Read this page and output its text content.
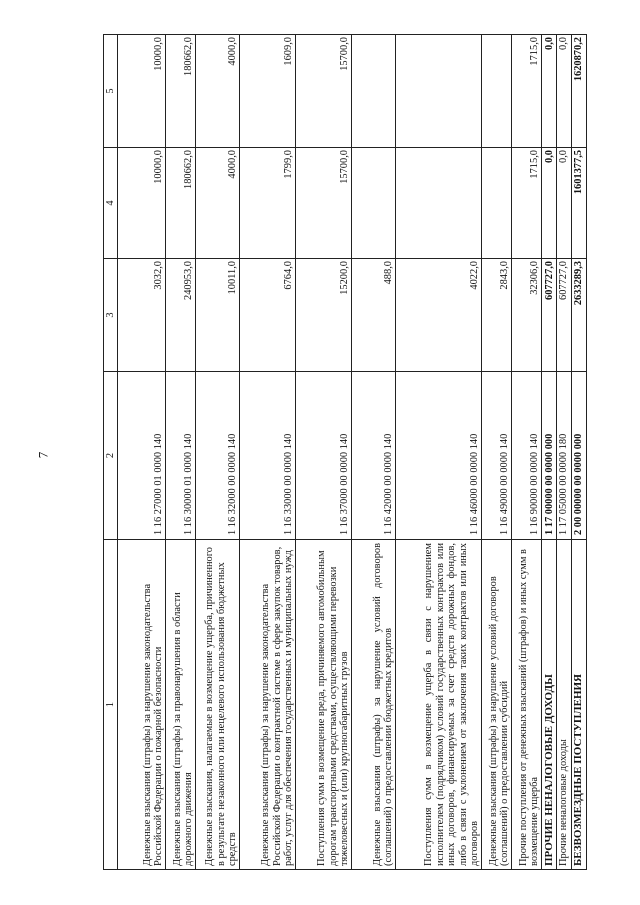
7
1	2	3	4	5
Денежные взыскания (штрафы) за нарушение законодательства Российской Федерации о пожарной безопасности	1 16 27000 01 0000 140	3032,0	10000,0	10000,0
Денежные взыскания (штрафы) за правонарушения в области дорожного движения	1 16 30000 01 0000 140	240953,0	180662,0	180662,0
Денежные взыскания, налагаемые в возмещение ущерба, причиненного в результате незаконного или нецелевого использования бюджетных средств	1 16 32000 00 0000 140	10011,0	4000,0	4000,0
Денежные взыскания (штрафы) за нарушение законодательства Российской Федерации о контрактной системе в сфере закупок товаров, работ, услуг для обеспечения государственных и муниципальных нужд	1 16 33000 00 0000 140	6764,0	1799,0	1609,0
Поступления сумм в возмещение вреда, причиняемого автомобильным дорогам транспортными средствами, осуществляющими перевозки тяжеловесных и (или) крупногабаритных грузов	1 16 37000 00 0000 140	15200,0	15700,0	15700,0
Денежные взыскания (штрафы) за нарушение условий договоров (соглашений) о предоставлении бюджетных кредитов	1 16 42000 00 0000 140	488,0		
Поступления сумм в возмещение ущерба в связи с нарушением исполнителем (подрядчиком) условий государственных контрактов или иных договоров, финансируемых за счет средств дорожных фондов, либо в связи с уклонением от заключения таких контрактов или иных договоров	1 16 46000 00 0000 140	4022,0		
Денежные взыскания (штрафы) за нарушение условий договоров (соглашений) о предоставлении субсидий	1 16 49000 00 0000 140	2843,0		
Прочие поступления от денежных взысканий (штрафов) и иных сумм в возмещение ущерба	1 16 90000 00 0000 140	32306,0	1715,0	1715,0
ПРОЧИЕ НЕНАЛОГОВЫЕ ДОХОДЫ	1 17 00000 00 0000 000	607727,0	0,0	0,0
Прочие неналоговые доходы	1 17 05000 00 0000 180	607727,0	0,0	0,0
БЕЗВОЗМЕЗДНЫЕ ПОСТУПЛЕНИЯ	2 00 00000 00 0000 000	2633289,3	1601377,5	1620870,2
